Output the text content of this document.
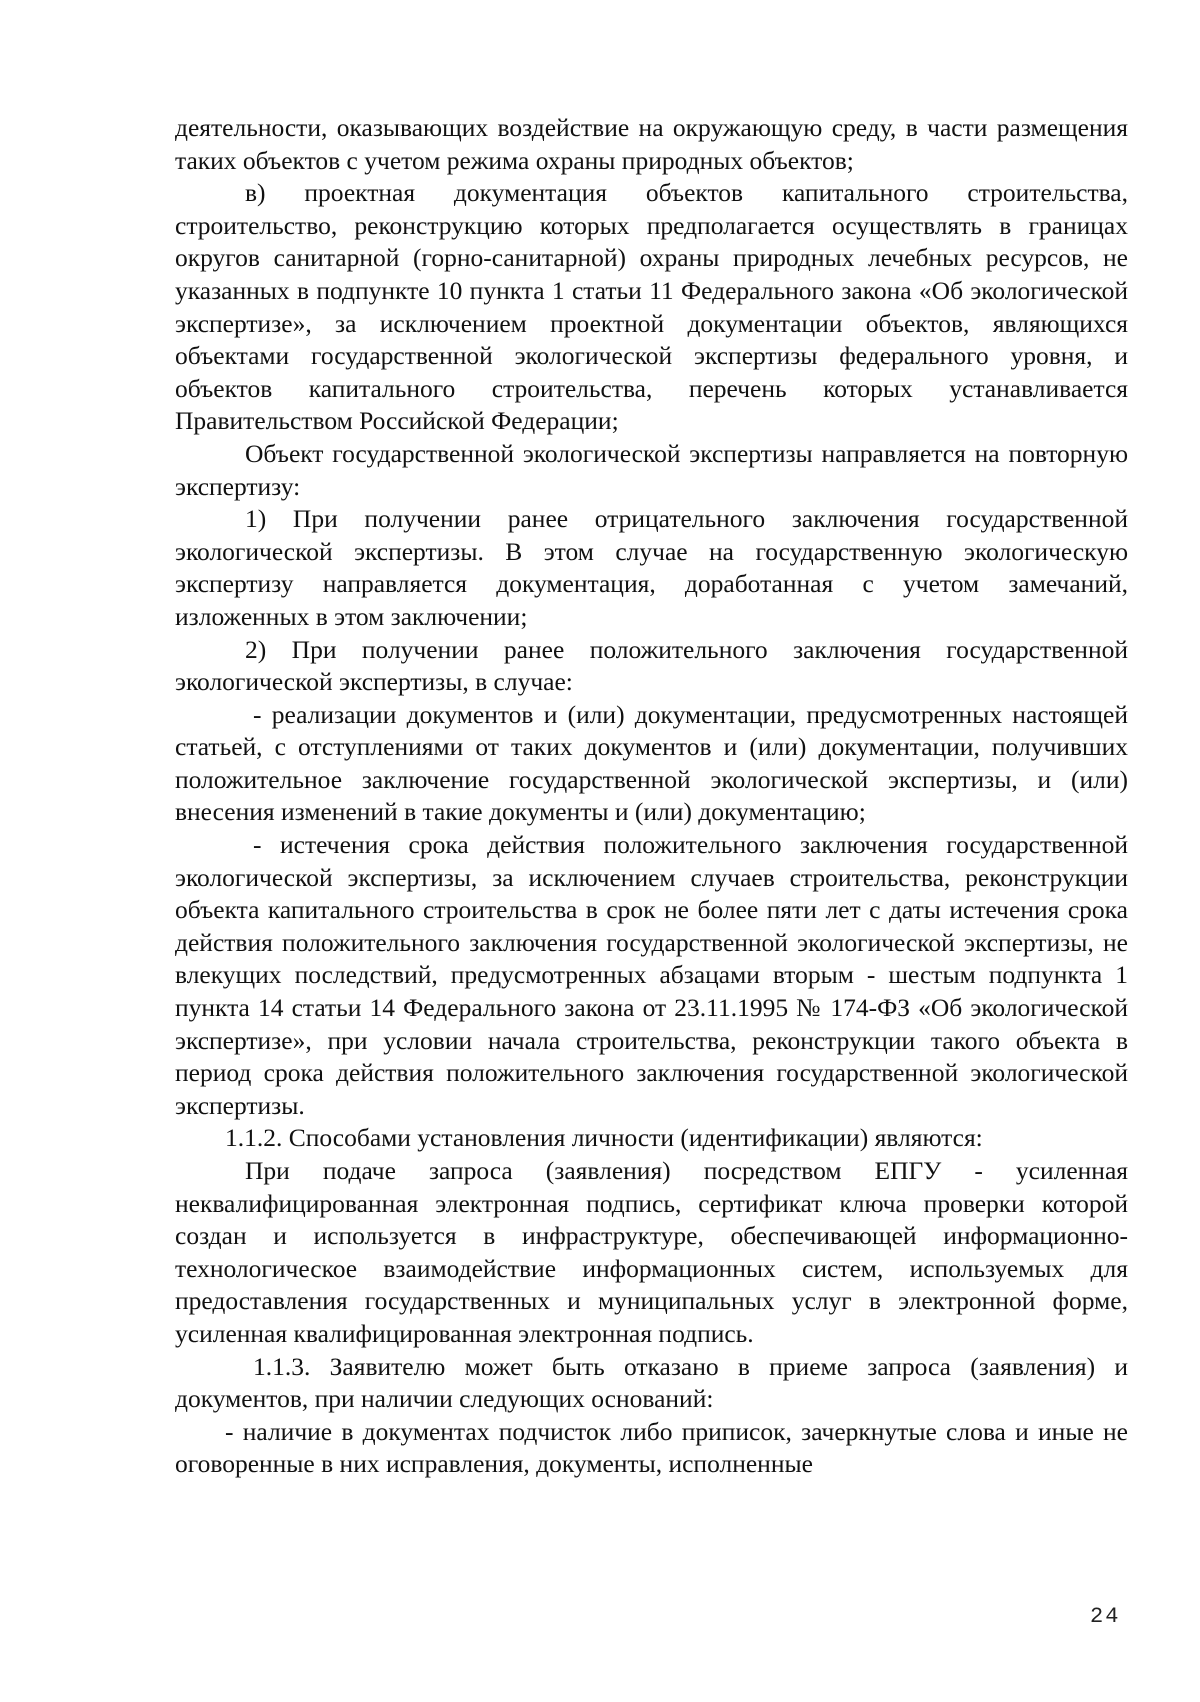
деятельности, оказывающих воздействие на окружающую среду, в части размещения таких объектов с учетом режима охраны природных объектов;

в) проектная документация объектов капитального строительства, строительство, реконструкцию которых предполагается осуществлять в границах округов санитарной (горно-санитарной) охраны природных лечебных ресурсов, не указанных в подпункте 10 пункта 1 статьи 11 Федерального закона «Об экологической экспертизе», за исключением проектной документации объектов, являющихся объектами государственной экологической экспертизы федерального уровня, и объектов капитального строительства, перечень которых устанавливается Правительством Российской Федерации;

Объект государственной экологической экспертизы направляется на повторную экспертизу:

1) При получении ранее отрицательного заключения государственной экологической экспертизы. В этом случае на государственную экологическую экспертизу направляется документация, доработанная с учетом замечаний, изложенных в этом заключении;

2) При получении ранее положительного заключения государственной экологической экспертизы, в случае:

- реализации документов и (или) документации, предусмотренных настоящей статьей, с отступлениями от таких документов и (или) документации, получивших положительное заключение государственной экологической экспертизы, и (или) внесения изменений в такие документы и (или) документацию;

- истечения срока действия положительного заключения государственной экологической экспертизы, за исключением случаев строительства, реконструкции объекта капитального строительства в срок не более пяти лет с даты истечения срока действия положительного заключения государственной экологической экспертизы, не влекущих последствий, предусмотренных абзацами вторым - шестым подпункта 1 пункта 14 статьи 14 Федерального закона от 23.11.1995 № 174-ФЗ «Об экологической экспертизе», при условии начала строительства, реконструкции такого объекта в период срока действия положительного заключения государственной экологической экспертизы.

1.1.2. Способами установления личности (идентификации) являются:

При подаче запроса (заявления) посредством ЕПГУ - усиленная неквалифицированная электронная подпись, сертификат ключа проверки которой создан и используется в инфраструктуре, обеспечивающей информационно-технологическое взаимодействие информационных систем, используемых для предоставления государственных и муниципальных услуг в электронной форме, усиленная квалифицированная электронная подпись.

1.1.3. Заявителю может быть отказано в приеме запроса (заявления) и документов, при наличии следующих оснований:

- наличие в документах подчисток либо приписок, зачеркнутые слова и иные не оговоренные в них исправления, документы, исполненные

24
